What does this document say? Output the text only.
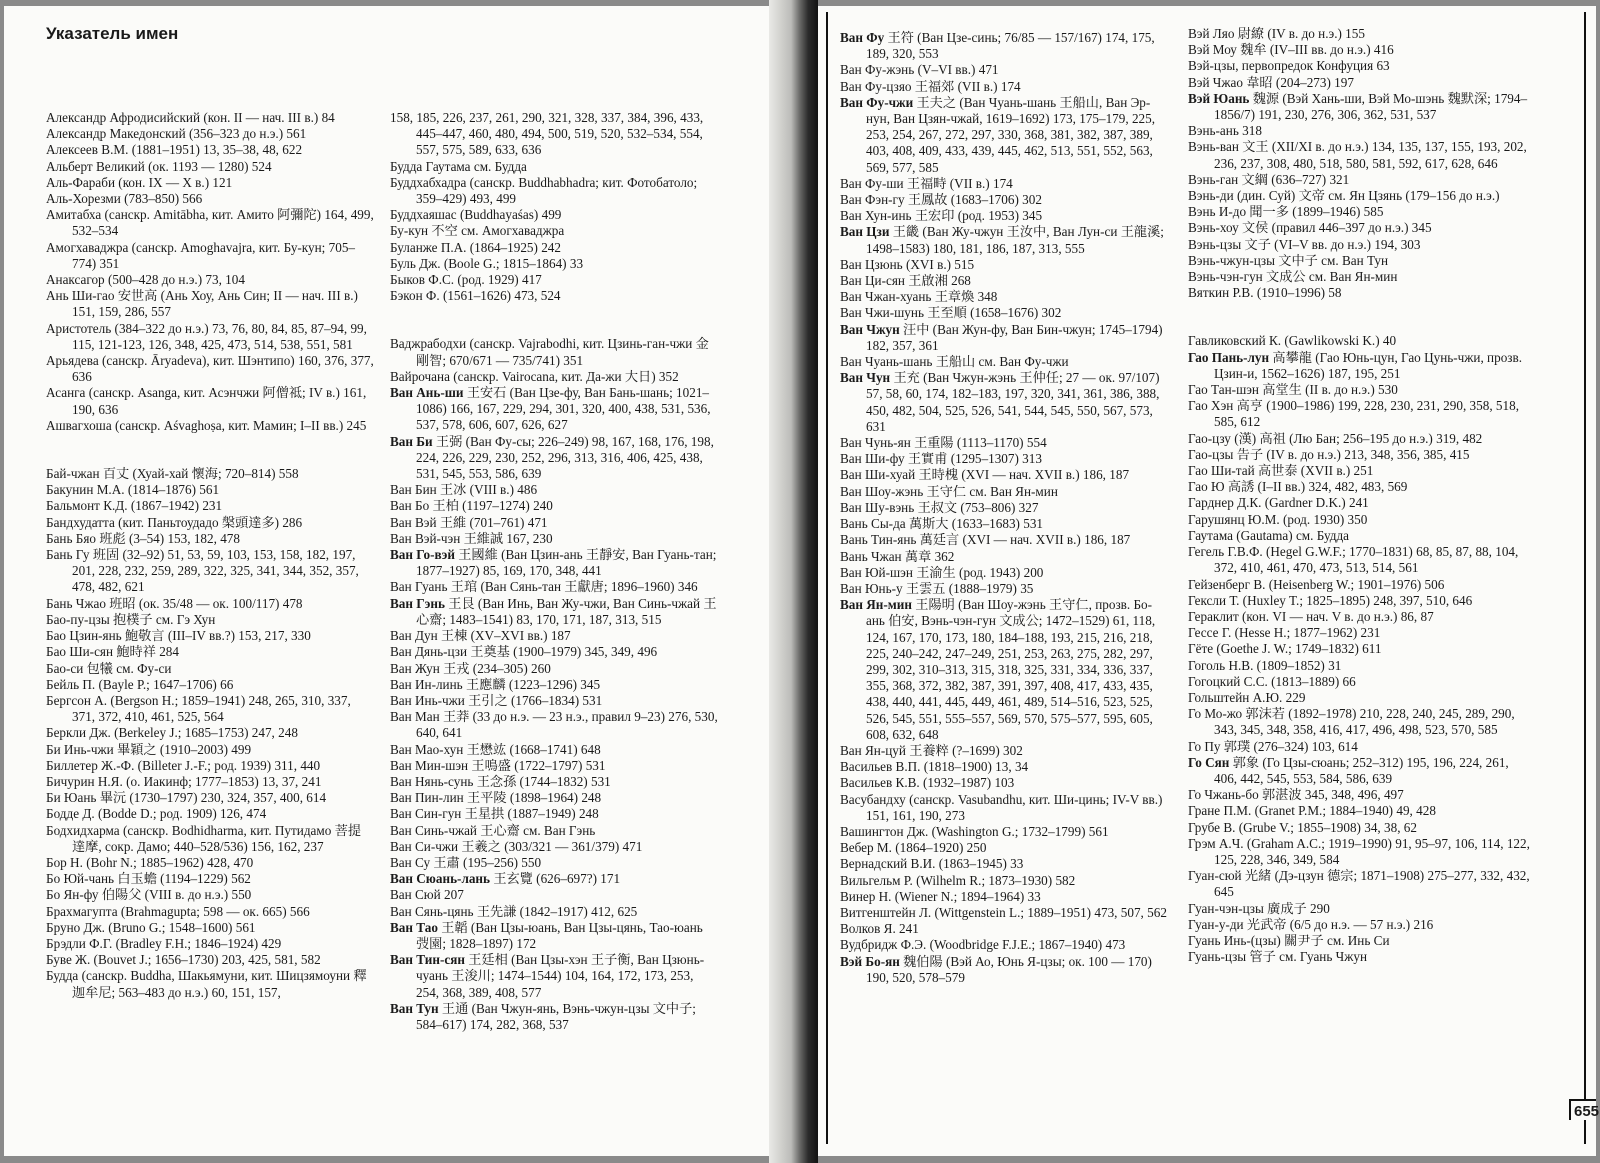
Указатель имен
Александр Афродисийский (кон. II — нач. III в.) 84
Александр Македонский (356–323 до н.э.) 561
Алексеев В.М. (1881–1951) 13, 35–38, 48, 622
Альберт Великий (ок. 1193 — 1280) 524
Аль-Фараби (кон. IX — X в.) 121
Аль-Хорезми (783–850) 566
Амитабха (санскр. Amitābha, кит. Амито 阿彌陀) 164, 499, 532–534
Амогхаваджра (санскр. Amoghavajra, кит. Бу-кун; 705–774) 351
Анаксагор (500–428 до н.э.) 73, 104
Ань Ши-гао 安世高 (Ань Хоу, Ань Син; II — нач. III в.) 151, 159, 286, 557
Аристотель (384–322 до н.э.) 73, 76, 80, 84, 85, 87–94, 99, 115, 121-123, 126, 348, 425, 473, 514, 538, 551, 581
Арьядева (санскр. Āryadeva), кит. Шэнтипо) 160, 376, 377, 636
Асанга (санскр. Asanga, кит. Асэнчжи 阿僧祗; IV в.) 161, 190, 636
Ашвагхоша (санскр. Aśvaghoṣa, кит. Мамин; I–II вв.) 245
Бай-чжан 百丈 (Хуай-хай 懷海; 720–814) 558
Бакунин М.А. (1814–1876) 561
Бальмонт К.Д. (1867–1942) 231
Бандхудатта (кит. Паньтоудадо 槃頭達多) 286
Бань Бяо 班彪 (3–54) 153, 182, 478
Бань Гу 班固 (32–92) 51, 53, 59, 103, 153, 158, 182, 197, 201, 228, 232, 259, 289, 322, 325, 341, 344, 352, 357, 478, 482, 621
Бань Чжао 班昭 (ок. 35/48 — ок. 100/117) 478
Бао-пу-цзы 抱樸子 см. Гэ Хун
Бао Цзин-янь 鮑敬言 (III–IV вв.?) 153, 217, 330
Бао Ши-сян 鮑時祥 284
Бао-си 包犧 см. Фу-си
Бейль П. (Bayle P.; 1647–1706) 66
Бергсон А. (Bergson H.; 1859–1941) 248, 265, 310, 337, 371, 372, 410, 461, 525, 564
Беркли Дж. (Berkeley J.; 1685–1753) 247, 248
Би Инь-чжи 畢穎之 (1910–2003) 499
Биллетер Ж.-Ф. (Billeter J.-F.; род. 1939) 311, 440
Бичурин Н.Я. (о. Иакинф; 1777–1853) 13, 37, 241
Би Юань 畢沅 (1730–1797) 230, 324, 357, 400, 614
Бодде Д. (Bodde D.; род. 1909) 126, 474
Бодхидхарма (санскр. Bodhidharma, кит. Путидамо 菩提達摩, сокр. Дамо; 440–528/536) 156, 162, 237
Бор Н. (Bohr N.; 1885–1962) 428, 470
Бо Юй-чань 白玉蟾 (1194–1229) 562
Бо Ян-фу 伯陽父 (VIII в. до н.э.) 550
Брахмагупта (Brahmagupta; 598 — ок. 665) 566
Бруно Дж. (Bruno G.; 1548–1600) 561
Брэдли Ф.Г. (Bradley F.H.; 1846–1924) 429
Буве Ж. (Bouvet J.; 1656–1730) 203, 425, 581, 582
Будда (санскр. Buddha, Шакьямуни, кит. Шицзямоуни 釋迦牟尼; 563–483 до н.э.) 60, 151, 157,
158, 185, 226, 237, 261, 290, 321, 328, 337, 384, 396, 433, 445–447, 460, 480, 494, 500, 519, 520, 532–534, 554, 557, 575, 589, 633, 636
Будда Гаутама см. Будда
Буддхабхадра (санскр. Buddhabhadra; кит. Фотобатоло; 359–429) 493, 499
Буддхаяшас (Buddhayaśas) 499
Бу-кун 不空 см. Амогхаваджра
Буланже П.А. (1864–1925) 242
Буль Дж. (Boole G.; 1815–1864) 33
Быков Ф.С. (род. 1929) 417
Бэкон Ф. (1561–1626) 473, 524
Ваджрабодхи (санскр. Vajrabodhi, кит. Цзинь-ган-чжи 金剛智; 670/671 — 735/741) 351
Вайрочана (санскр. Vairocana, кит. Да-жи 大日) 352
Ван Ань-ши 王安石 (Ван Цзе-фу, Ван Бань-шань; 1021–1086) 166, 167, 229, 294, 301, 320, 400, 438, 531, 536, 537, 578, 606, 607, 626, 627
Ван Би 王弼 (Ван Фу-сы; 226–249) 98, 167, 168, 176, 198, 224, 226, 229, 230, 252, 296, 313, 316, 406, 425, 438, 531, 545, 553, 586, 639
Ван Бин 王冰 (VIII в.) 486
Ван Бо 王柏 (1197–1274) 240
Ван Вэй 王維 (701–761) 471
Ван Вэй-чэн 王維誠 167, 230
Ван Го-вэй 王國維 (Ван Цзин-ань 王靜安, Ван Гуань-тан; 1877–1927) 85, 169, 170, 348, 441
Ван Гуань 王琯 (Ван Сянь-тан 王獻唐; 1896–1960) 346
Ван Гэнь 王艮 (Ван Инь, Ван Жу-чжи, Ван Синь-чжай 王心齋; 1483–1541) 83, 170, 171, 187, 313, 515
Ван Дун 王棟 (XV–XVI вв.) 187
Ван Дянь-цзи 王奠基 (1900–1979) 345, 349, 496
Ван Жун 王戎 (234–305) 260
Ван Ин-линь 王應麟 (1223–1296) 345
Ван Инь-чжи 王引之 (1766–1834) 531
Ван Ман 王莽 (33 до н.э. — 23 н.э., правил 9–23) 276, 530, 640, 641
Ван Мао-хун 王懋竑 (1668–1741) 648
Ван Мин-шэн 王鳴盛 (1722–1797) 531
Ван Нянь-сунь 王念孫 (1744–1832) 531
Ван Пин-лин 王平陵 (1898–1964) 248
Ван Син-гун 王星拱 (1887–1949) 248
Ван Синь-чжай 王心齋 см. Ван Гэнь
Ван Си-чжи 王羲之 (303/321 — 361/379) 471
Ван Су 王肅 (195–256) 550
Ван Сюань-лань 王玄覽 (626–697?) 171
Ван Сюй 207
Ван Сянь-цянь 王先謙 (1842–1917) 412, 625
Ван Тао 王韜 (Ван Цзы-юань, Ван Цзы-цянь, Тао-юань 弢園; 1828–1897) 172
Ван Тин-сян 王廷相 (Ван Цзы-хэн 王子衡, Ван Цзюнь-чуань 王浚川; 1474–1544) 104, 164, 172, 173, 253, 254, 368, 389, 408, 577
Ван Тун 王通 (Ван Чжун-янь, Вэнь-чжун-цзы 文中子; 584–617) 174, 282, 368, 537
Ван Фу 王符 (Ван Цзе-синь; 76/85 — 157/167) 174, 175, 189, 320, 553
Ван Фу-жэнь (V–VI вв.) 471
Ван Фу-цзяо 王福郊 (VII в.) 174
Ван Фу-чжи 王夫之 (Ван Чуань-шань 王船山, Ван Эр-нун, Ван Цзян-чжай, 1619–1692) 173, 175–179, 225, 253, 254, 267, 272, 297, 330, 368, 381, 382, 387, 389, 403, 408, 409, 433, 439, 445, 462, 513, 551, 552, 563, 569, 577, 585
Ван Фу-ши 王福畤 (VII в.) 174
Ван Фэн-гу 王鳳故 (1683–1706) 302
Ван Хун-инь 王宏印 (род. 1953) 345
Ван Цзи 王畿 (Ван Жу-чжун 王汝中, Ван Лун-си 王龍溪; 1498–1583) 180, 181, 186, 187, 313, 555
Ван Цзюнь (XVI в.) 515
Ван Ци-сян 王啟湘 268
Ван Чжан-хуань 王章煥 348
Ван Чжи-шунь 王至順 (1658–1676) 302
Ван Чжун 汪中 (Ван Жун-фу, Ван Бин-чжун; 1745–1794) 182, 357, 361
Ван Чуань-шань 王船山 см. Ван Фу-чжи
Ван Чун 王充 (Ван Чжун-жэнь 王仲任; 27 — ок. 97/107) 57, 58, 60, 174, 182–183, 197, 320, 341, 361, 386, 388, 450, 482, 504, 525, 526, 541, 544, 545, 550, 567, 573, 631
Ван Чунь-ян 王重陽 (1113–1170) 554
Ван Ши-фу 王實甫 (1295–1307) 313
Ван Ши-хуай 王時槐 (XVI — нач. XVII в.) 186, 187
Ван Шоу-жэнь 王守仁 см. Ван Ян-мин
Ван Шу-вэнь 王叔文 (753–806) 327
Вань Сы-да 萬斯大 (1633–1683) 531
Вань Тин-янь 萬廷言 (XVI — нач. XVII в.) 186, 187
Вань Чжан 萬章 362
Ван Юй-шэн 王渝生 (род. 1943) 200
Ван Юнь-у 王雲五 (1888–1979) 35
Ван Ян-мин 王陽明 (Ван Шоу-жэнь 王守仁, прозв. Бо-ань 伯安, Вэнь-чэн-гун 文成公; 1472–1529) 61, 118, 124, 167, 170, 173, 180, 184–188, 193, 215, 216, 218, 225, 240–242, 247–249, 251, 253, 263, 275, 282, 297, 299, 302, 310–313, 315, 318, 325, 331, 334, 336, 337, 355, 368, 372, 382, 387, 391, 397, 408, 417, 433, 435, 438, 440, 441, 445, 449, 461, 489, 514–516, 523, 525, 526, 545, 551, 555–557, 569, 570, 575–577, 595, 605, 608, 632, 648
Ван Ян-цуй 王養粹 (?–1699) 302
Васильев В.П. (1818–1900) 13, 34
Васильев К.В. (1932–1987) 103
Васубандху (санскр. Vasubandhu, кит. Ши-цинь; IV-V вв.) 151, 161, 190, 273
Вашингтон Дж. (Washington G.; 1732–1799) 561
Вебер М. (1864–1920) 250
Вернадский В.И. (1863–1945) 33
Вильгельм Р. (Wilhelm R.; 1873–1930) 582
Винер Н. (Wiener N.; 1894–1964) 33
Витгенштейн Л. (Wittgenstein L.; 1889–1951) 473, 507, 562
Волков Я. 241
Вудбридж Ф.Э. (Woodbridge F.J.E.; 1867–1940) 473
Вэй Бо-ян 魏伯陽 (Вэй Ао, Юнь Я-цзы; ок. 100 — 170) 190, 520, 578–579
Вэй Ляо 尉繚 (IV в. до н.э.) 155
Вэй Моу 魏牟 (IV–III вв. до н.э.) 416
Вэй-цзы, первопредок Конфуция 63
Вэй Чжао 韋昭 (204–273) 197
Вэй Юань 魏源 (Вэй Хань-ши, Вэй Мо-шэнь 魏默深; 1794–1856/7) 191, 230, 276, 306, 362, 531, 537
Вэнь-ань 318
Вэнь-ван 文王 (XII/XI в. до н.э.) 134, 135, 137, 155, 193, 202, 236, 237, 308, 480, 518, 580, 581, 592, 617, 628, 646
Вэнь-ган 文綱 (636–727) 321
Вэнь-ди (дин. Суй) 文帝 см. Ян Цзянь (179–156 до н.э.)
Вэнь И-до 聞一多 (1899–1946) 585
Вэнь-хоу 文侯 (правил 446–397 до н.э.) 345
Вэнь-цзы 文子 (VI–V вв. до н.э.) 194, 303
Вэнь-чжун-цзы 文中子 см. Ван Тун
Вэнь-чэн-гун 文成公 см. Ван Ян-мин
Вяткин Р.В. (1910–1996) 58
Гавликовский К. (Gawlikowski K.) 40
Гао Пань-лун 高攀龍 (Гао Юнь-цун, Гао Цунь-чжи, прозв. Цзин-и, 1562–1626) 187, 195, 251
Гао Тан-шэн 高堂生 (II в. до н.э.) 530
Гао Хэн 高亨 (1900–1986) 199, 228, 230, 231, 290, 358, 518, 585, 612
Гао-цзу (漢) 高祖 (Лю Бан; 256–195 до н.э.) 319, 482
Гао-цзы 告子 (IV в. до н.э.) 213, 348, 356, 385, 415
Гао Ши-тай 高世泰 (XVII в.) 251
Гао Ю 高誘 (I–II вв.) 324, 482, 483, 569
Гарднер Д.К. (Gardner D.K.) 241
Гарушянц Ю.М. (род. 1930) 350
Гаутама (Gautama) см. Будда
Гегель Г.В.Ф. (Hegel G.W.F.; 1770–1831) 68, 85, 87, 88, 104, 372, 410, 461, 470, 473, 513, 514, 561
Гейзенберг В. (Heisenberg W.; 1901–1976) 506
Гексли Т. (Huxley T.; 1825–1895) 248, 397, 510, 646
Гераклит (кон. VI — нач. V в. до н.э.) 86, 87
Гессе Г. (Hesse H.; 1877–1962) 231
Гёте (Goethe J. W.; 1749–1832) 611
Гоголь Н.В. (1809–1852) 31
Гогоцкий С.С. (1813–1889) 66
Гольштейн А.Ю. 229
Го Мо-жо 郭沫若 (1892–1978) 210, 228, 240, 245, 289, 290, 343, 345, 348, 358, 416, 417, 496, 498, 523, 570, 585
Го Пу 郭璞 (276–324) 103, 614
Го Сян 郭象 (Го Цзы-сюань; 252–312) 195, 196, 224, 261, 406, 442, 545, 553, 584, 586, 639
Го Чжань-бо 郭湛波 345, 348, 496, 497
Гране П.М. (Granet P.M.; 1884–1940) 49, 428
Грубе В. (Grube V.; 1855–1908) 34, 38, 62
Грэм А.Ч. (Graham A.C.; 1919–1990) 91, 95–97, 106, 114, 122, 125, 228, 346, 349, 584
Гуан-сюй 光緒 (Дэ-цзун 德宗; 1871–1908) 275–277, 332, 432, 645
Гуан-чэн-цзы 廣成子 290
Гуан-у-ди 光武帝 (6/5 до н.э. — 57 н.э.) 216
Гуань Инь-(цзы) 關尹子 см. Инь Си
Гуань-цзы 管子 см. Гуань Чжун
655
